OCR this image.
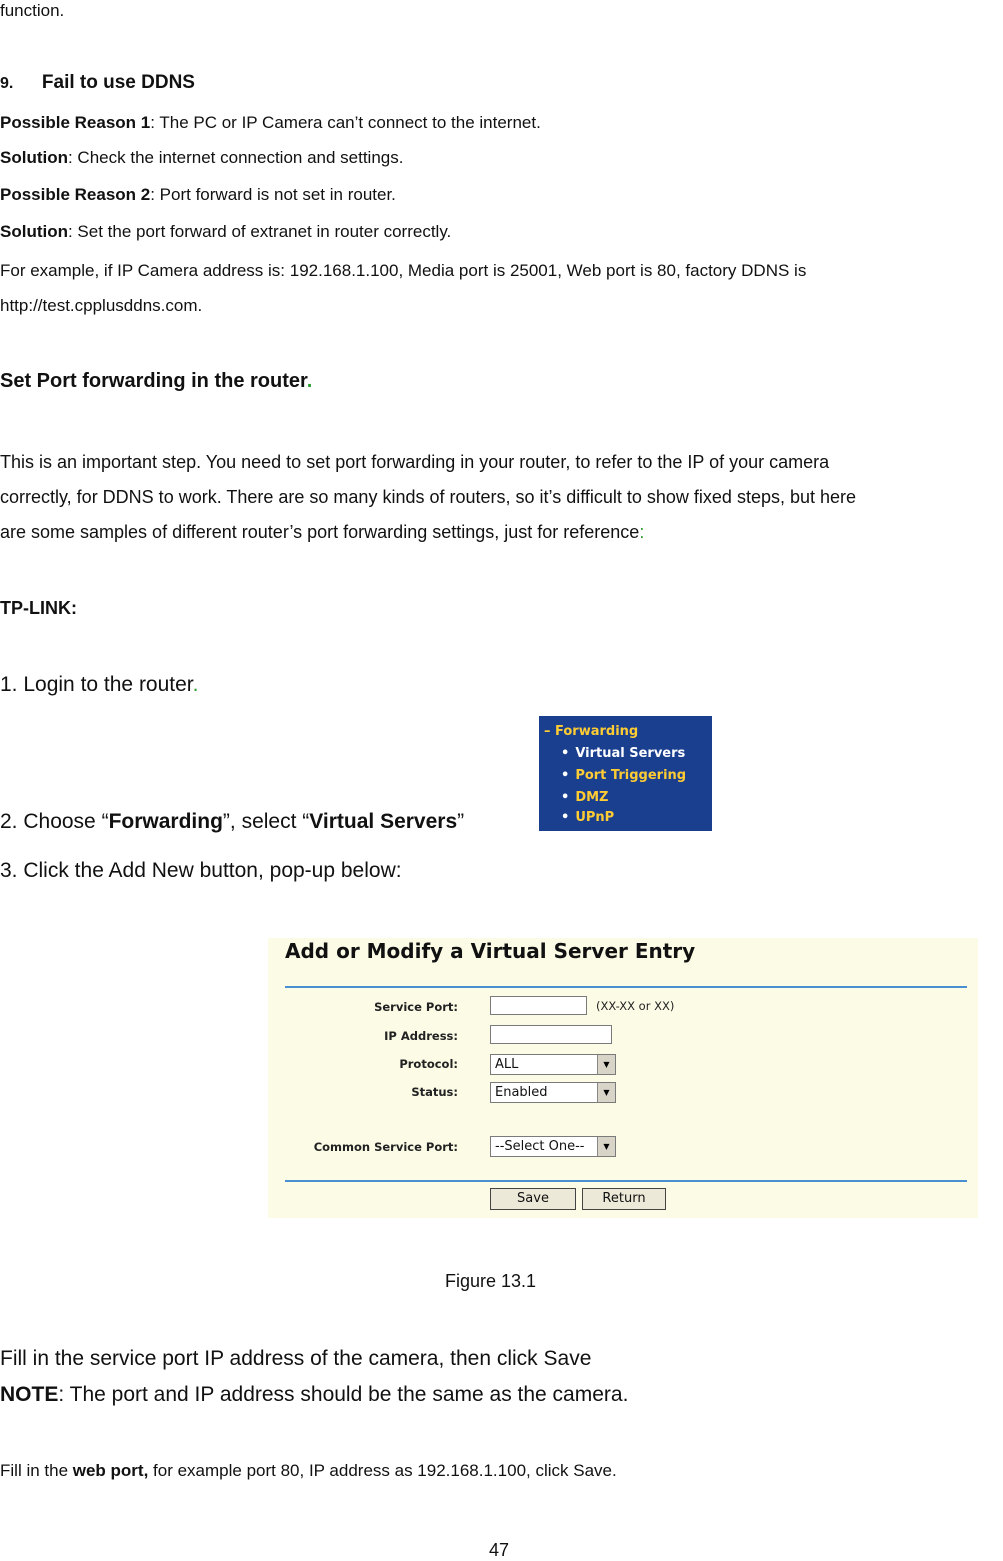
function.
9. Fail to use DDNS
Possible Reason 1: The PC or IP Camera can’t connect to the internet.
Solution: Check the internet connection and settings.
Possible Reason 2: Port forward is not set in router.
Solution: Set the port forward of extranet in router correctly.
For example, if IP Camera address is: 192.168.1.100, Media port is 25001, Web port is 80, factory DDNS is
http://test.cpplusddns.com.
Set Port forwarding in the router.
This is an important step. You need to set port forwarding in your router, to refer to the IP of your camera
correctly, for DDNS to work. There are so many kinds of routers, so it’s difficult to show fixed steps, but here
are some samples of different router’s port forwarding settings, just for reference:
TP-LINK:
1. Login to the router.
2. Choose “Forwarding”, select “Virtual Servers”
– Forwarding
• Virtual Servers
• Port Triggering
• DMZ
• UPnP
3. Click the Add New button, pop-up below:
Add or Modify a Virtual Server Entry
Service Port:	(XX-XX or XX)
IP Address:
Protocol:	ALL	▼
Status:	Enabled	▼
Common Service Port:	--Select One--	▼
Save	Return
Figure 13.1
Fill in the service port IP address of the camera, then click Save
NOTE: The port and IP address should be the same as the camera.
Fill in the web port, for example port 80, IP address as 192.168.1.100, click Save.
47
